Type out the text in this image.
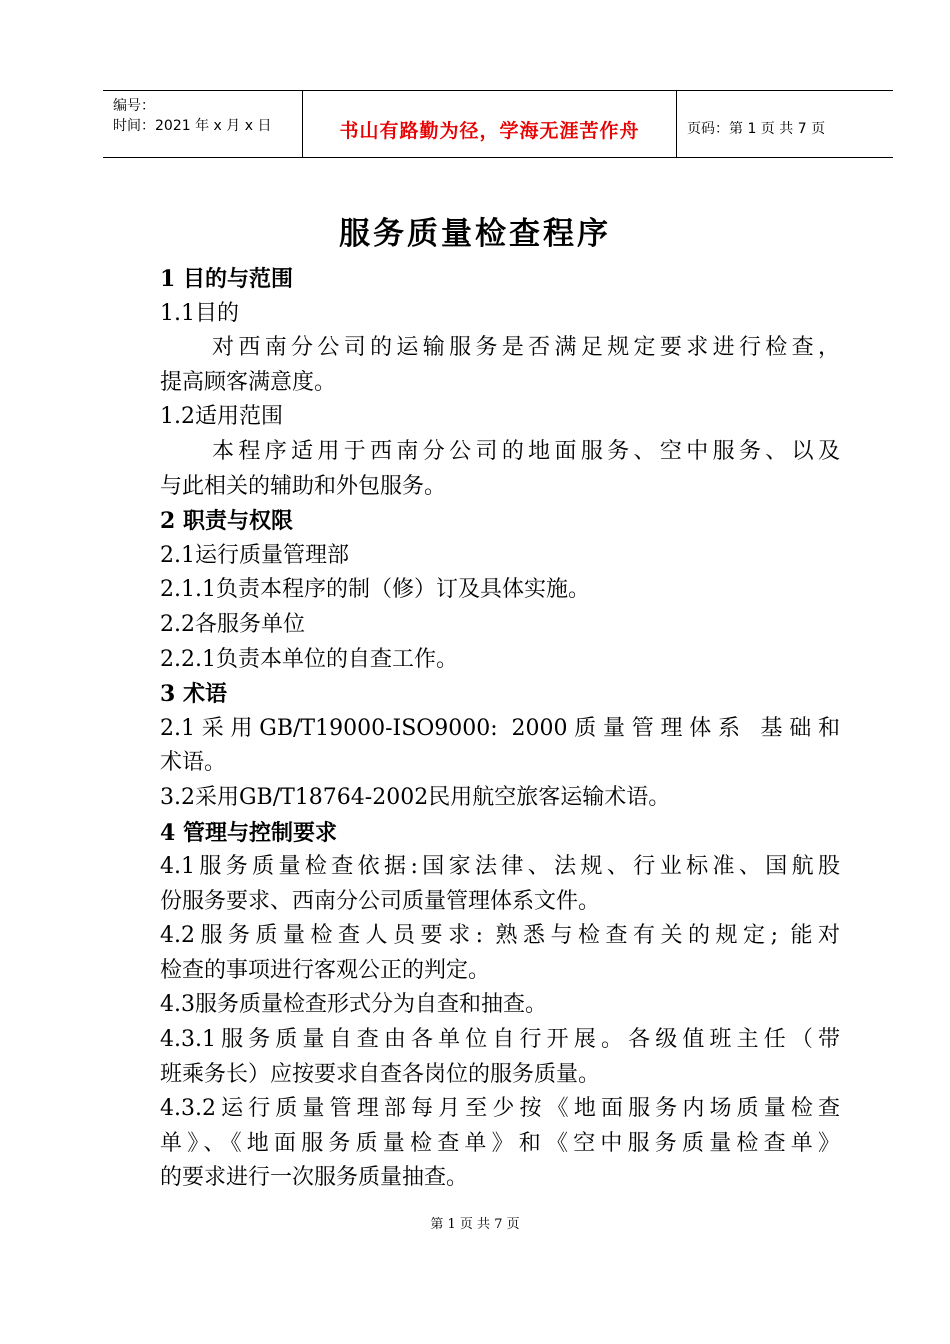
编号：
时间：2021 年 x 月 x 日	书山有路勤为径，学海无涯苦作舟	页码：第 1 页 共 7 页
服务质量检查程序

1 目的与范围

1.1目的

对西南分公司的运输服务是否满足规定要求进行检查，

提高顾客满意度。

1.2适用范围

本程序适用于西南分公司的地面服务、空中服务、以及

与此相关的辅助和外包服务。

2 职责与权限

2.1运行质量管理部

2.1.1负责本程序的制（修）订及具体实施。

2.2各服务单位

2.2.1负责本单位的自查工作。

3 术语

2.1采用GB/T19000-ISO9000: 2000质量管理体系 基础和

术语。

3.2采用GB/T18764-2002民用航空旅客运输术语。

4 管理与控制要求

4.1服务质量检查依据:国家法律、法规、行业标准、国航股

份服务要求、西南分公司质量管理体系文件。

4.2服务质量检查人员要求: 熟悉与检查有关的规定; 能对

检查的事项进行客观公正的判定。

4.3服务质量检查形式分为自查和抽查。

4.3.1服务质量自查由各单位自行开展。各级值班主任（带

班乘务长）应按要求自查各岗位的服务质量。

4.3.2运行质量管理部每月至少按《地面服务内场质量检查

单》、《地面服务质量检查单》和《空中服务质量检查单》

的要求进行一次服务质量抽查。

第 1 页 共 7 页
